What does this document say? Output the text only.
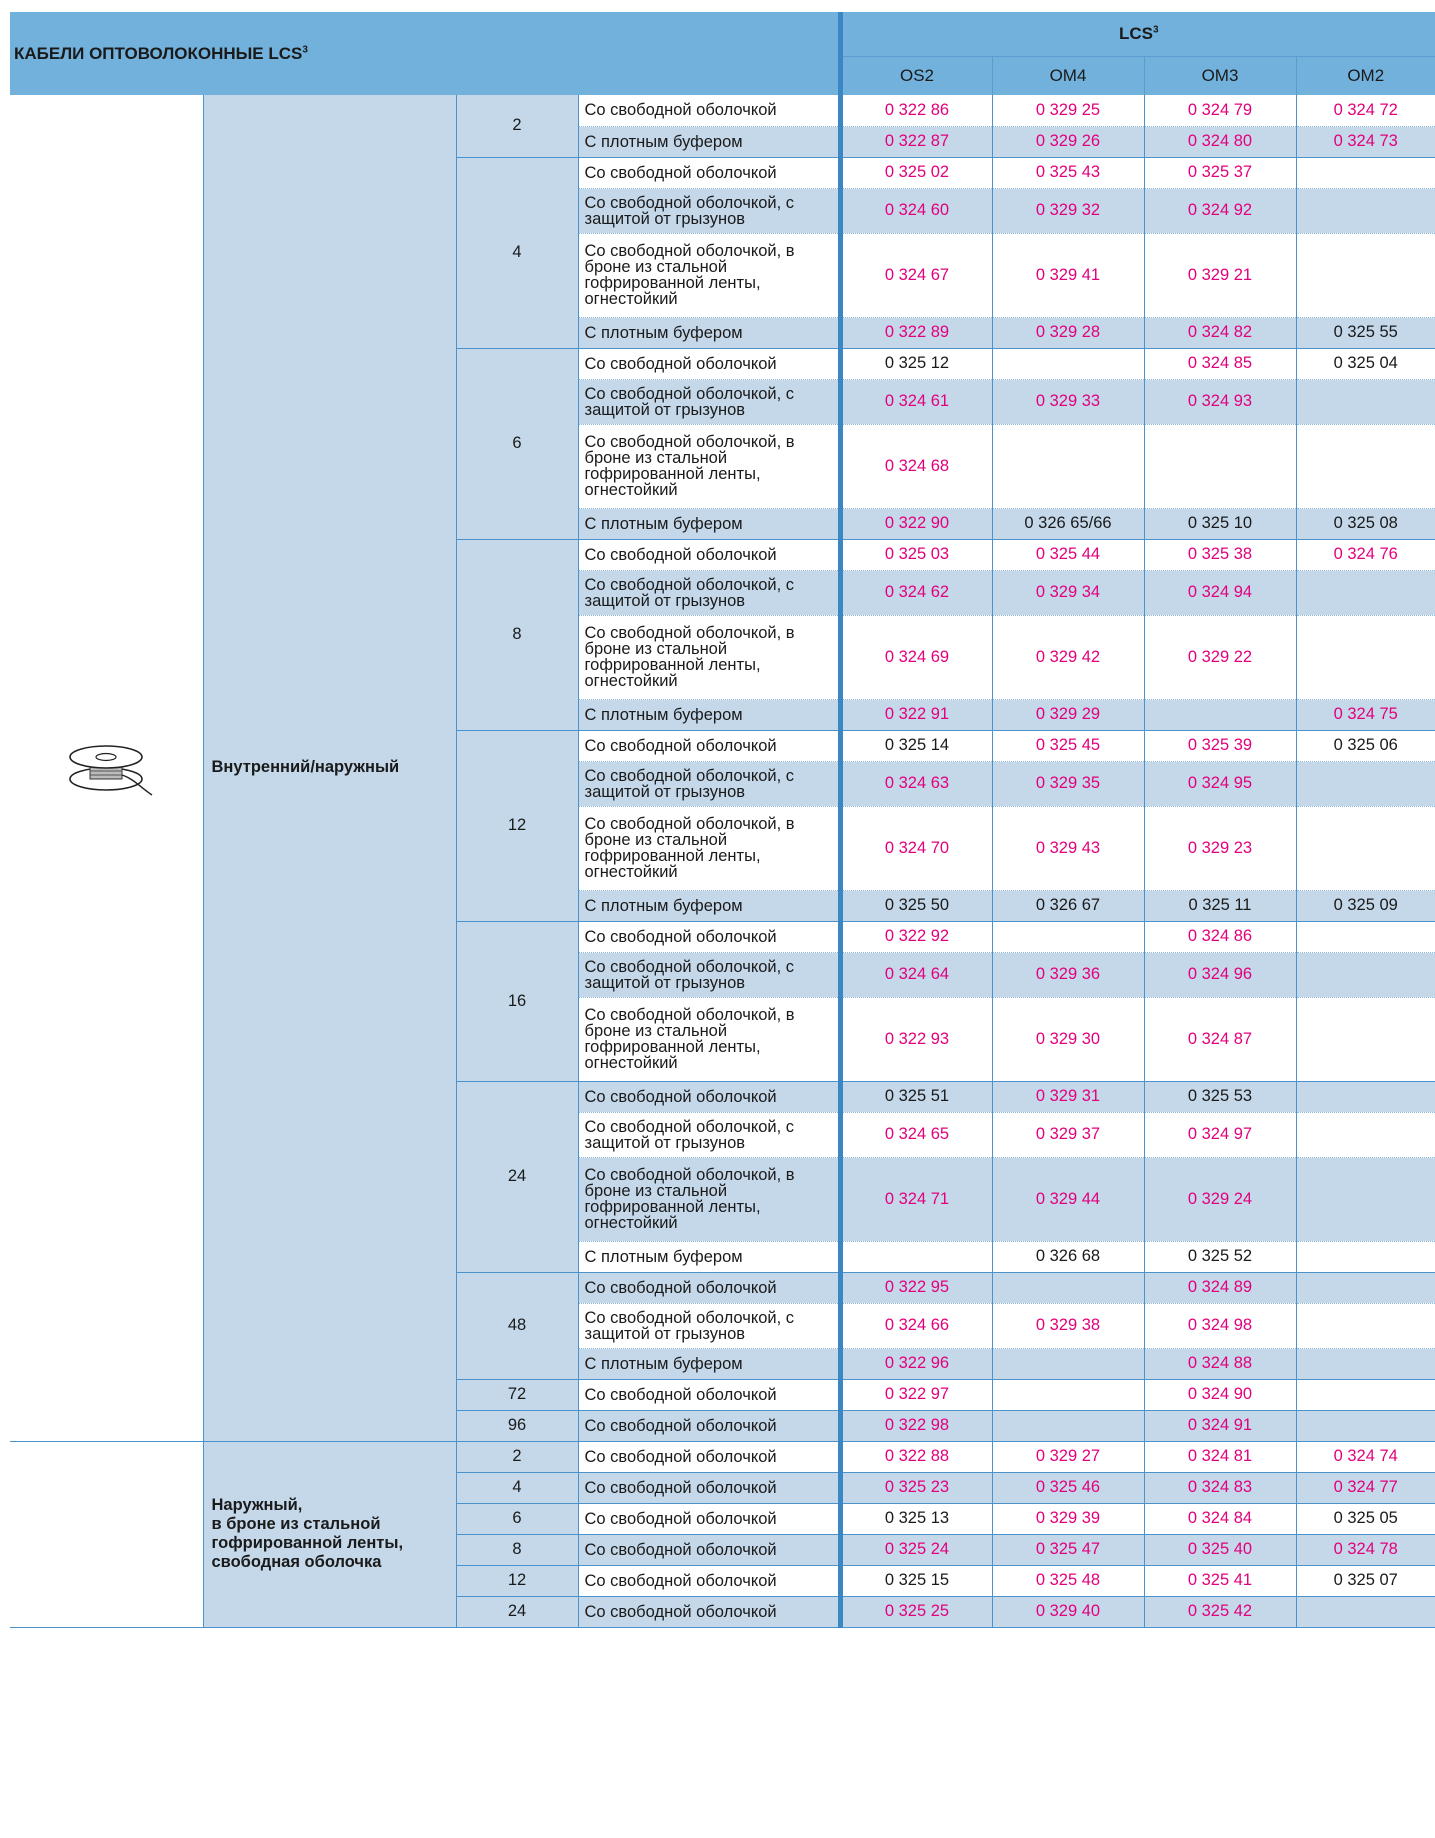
КАБЕЛИ ОПТОВОЛОКОННЫЕ LCS$^3$				LCS$^3$
				OS2	OM4	OM3	OM2
	Внутренний/наружный	2	Со свободной оболочкой	0 322 86	0 329 25	0 324 79	0 324 72
			С плотным буфером	0 322 87	0 329 26	0 324 80	0 324 73
		4	Со свободной оболочкой	0 325 02	0 325 43	0 325 37	
			Со свободной оболочкой, с защитой от грызунов	0 324 60	0 329 32	0 324 92	
			Со свободной оболочкой, в броне из стальной гофрированной ленты, огнестойкий	0 324 67	0 329 41	0 329 21	
			С плотным буфером	0 322 89	0 329 28	0 324 82	0 325 55
		6	Со свободной оболочкой	0 325 12		0 324 85	0 325 04
			Со свободной оболочкой, с защитой от грызунов	0 324 61	0 329 33	0 324 93	
			Со свободной оболочкой, в броне из стальной гофрированной ленты, огнестойкий	0 324 68			
			С плотным буфером	0 322 90	0 326 65/66	0 325 10	0 325 08
		8	Со свободной оболочкой	0 325 03	0 325 44	0 325 38	0 324 76
			Со свободной оболочкой, с защитой от грызунов	0 324 62	0 329 34	0 324 94	
			Со свободной оболочкой, в броне из стальной гофрированной ленты, огнестойкий	0 324 69	0 329 42	0 329 22	
			С плотным буфером	0 322 91	0 329 29		0 324 75
		12	Со свободной оболочкой	0 325 14	0 325 45	0 325 39	0 325 06
			Со свободной оболочкой, с защитой от грызунов	0 324 63	0 329 35	0 324 95	
			Со свободной оболочкой, в броне из стальной гофрированной ленты, огнестойкий	0 324 70	0 329 43	0 329 23	
			С плотным буфером	0 325 50	0 326 67	0 325 11	0 325 09
		16	Со свободной оболочкой	0 322 92		0 324 86	
			Со свободной оболочкой, с защитой от грызунов	0 324 64	0 329 36	0 324 96	
			Со свободной оболочкой, в броне из стальной гофрированной ленты, огнестойкий	0 322 93	0 329 30	0 324 87	
		24	Со свободной оболочкой	0 325 51	0 329 31	0 325 53	
			Со свободной оболочкой, с защитой от грызунов	0 324 65	0 329 37	0 324 97	
			Со свободной оболочкой, в броне из стальной гофрированной ленты, огнестойкий	0 324 71	0 329 44	0 329 24	
			С плотным буфером		0 326 68	0 325 52	
		48	Со свободной оболочкой	0 322 95		0 324 89	
			Со свободной оболочкой, с защитой от грызунов	0 324 66	0 329 38	0 324 98	
			С плотным буфером	0 322 96		0 324 88	
		72	Со свободной оболочкой	0 322 97		0 324 90	
		96	Со свободной оболочкой	0 322 98		0 324 91	
	Наружный,
в броне из стальной
гофрированной ленты,
свободная оболочка	2	Со свободной оболочкой	0 322 88	0 329 27	0 324 81	0 324 74
		4	Со свободной оболочкой	0 325 23	0 325 46	0 324 83	0 324 77
		6	Со свободной оболочкой	0 325 13	0 329 39	0 324 84	0 325 05
		8	Со свободной оболочкой	0 325 24	0 325 47	0 325 40	0 324 78
		12	Со свободной оболочкой	0 325 15	0 325 48	0 325 41	0 325 07
		24	Со свободной оболочкой	0 325 25	0 329 40	0 325 42	
